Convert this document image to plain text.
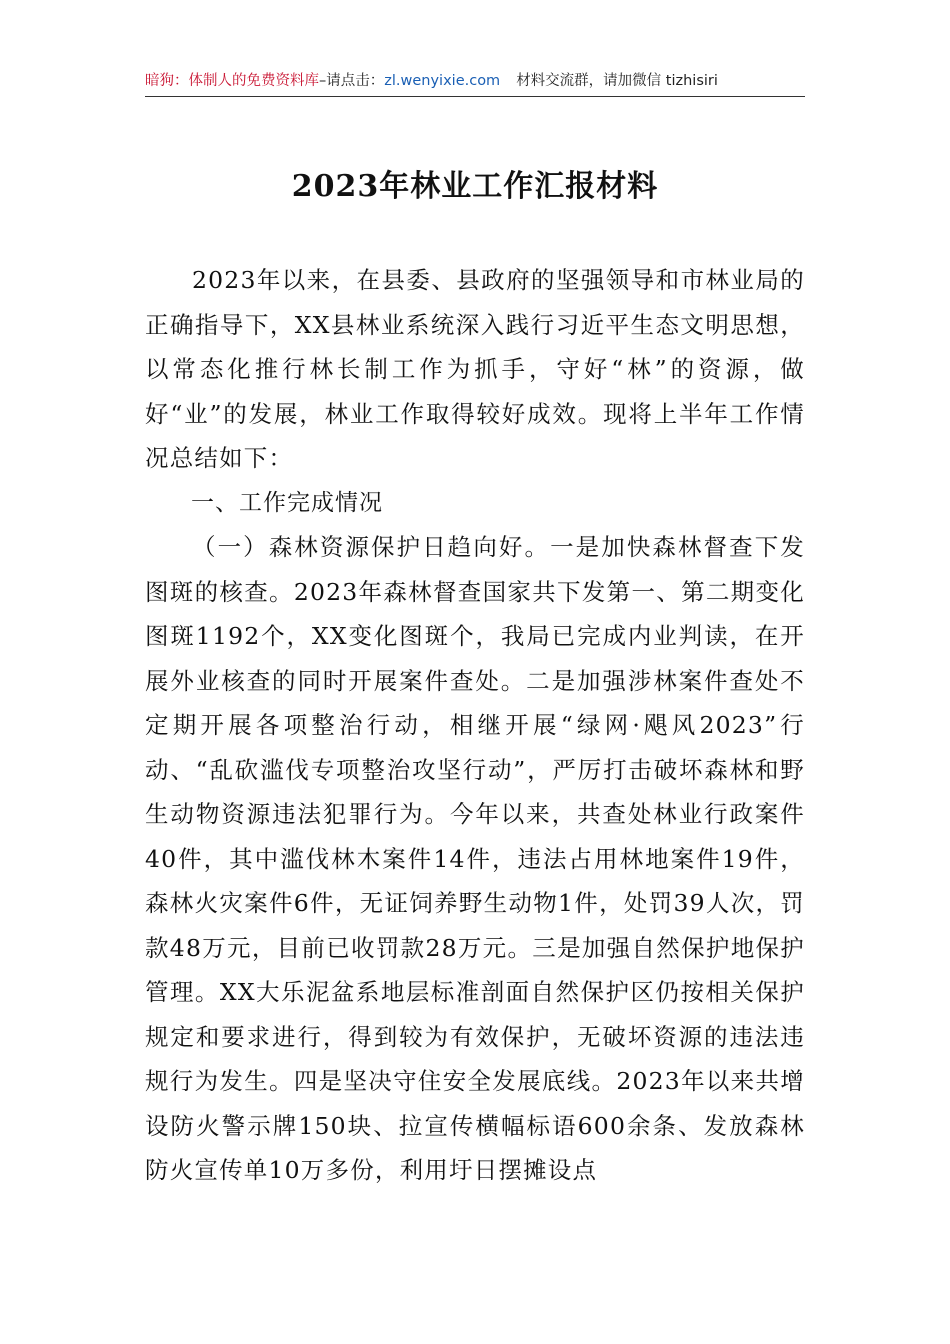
暗狗：体制人的免费资料库–请点击：zl.wenyixie.com 材料交流群，请加微信 tizhisiri
2023年林业工作汇报材料

2023年以来，在县委、县政府的坚强领导和市林业局的正确指导下，XX县林业系统深入践行习近平生态文明思想，以常态化推行林长制工作为抓手，守好“林”的资源，做好“业”的发展，林业工作取得较好成效。现将上半年工作情况总结如下：

一、工作完成情况

（一）森林资源保护日趋向好。一是加快森林督查下发图斑的核查。2023年森林督查国家共下发第一、第二期变化图斑1192个，XX变化图斑个，我局已完成内业判读，在开展外业核查的同时开展案件查处。二是加强涉林案件查处不定期开展各项整治行动，相继开展“绿网·飓风2023”行动、“乱砍滥伐专项整治攻坚行动”，严厉打击破坏森林和野生动物资源违法犯罪行为。今年以来，共查处林业行政案件40件，其中滥伐林木案件14件，违法占用林地案件19件，森林火灾案件6件，无证饲养野生动物1件，处罚39人次，罚款48万元，目前已收罚款28万元。三是加强自然保护地保护管理。XX大乐泥盆系地层标准剖面自然保护区仍按相关保护规定和要求进行，得到较为有效保护，无破坏资源的违法违规行为发生。四是坚决守住安全发展底线。2023年以来共增设防火警示牌150块、拉宣传横幅标语600余条、发放森林防火宣传单10万多份，利用圩日摆摊设点
